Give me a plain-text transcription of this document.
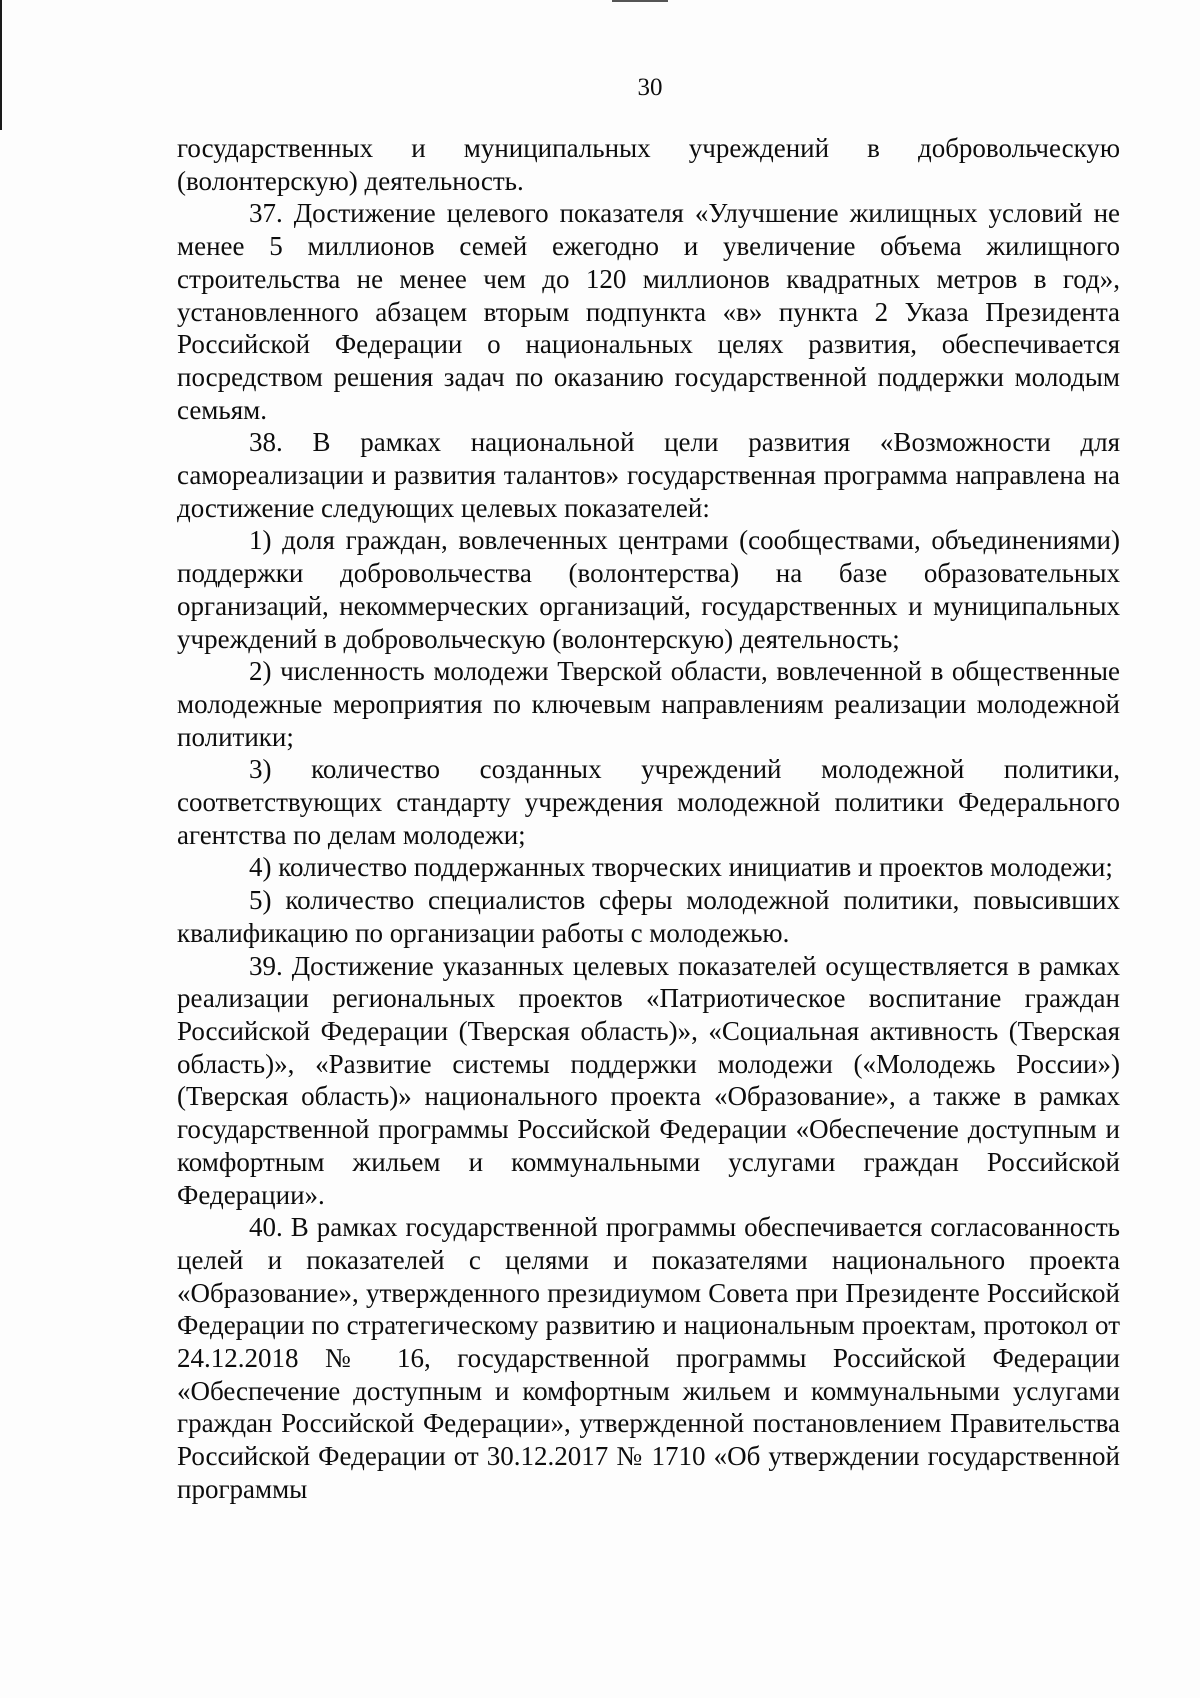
30

государственных и муниципальных учреждений в добровольческую (волонтерскую) деятельность.

37. Достижение целевого показателя «Улучшение жилищных условий не менее 5 миллионов семей ежегодно и увеличение объема жилищного строительства не менее чем до 120 миллионов квадратных метров в год», установленного абзацем вторым подпункта «в» пункта 2 Указа Президента Российской Федерации о национальных целях развития, обеспечивается посредством решения задач по оказанию государственной поддержки молодым семьям.

38. В рамках национальной цели развития «Возможности для самореализации и развития талантов» государственная программа направлена на достижение следующих целевых показателей:

1) доля граждан, вовлеченных центрами (сообществами, объединениями) поддержки добровольчества (волонтерства) на базе образовательных организаций, некоммерческих организаций, государственных и муниципальных учреждений в добровольческую (волонтерскую) деятельность;

2) численность молодежи Тверской области, вовлеченной в общественные молодежные мероприятия по ключевым направлениям реализации молодежной политики;

3) количество созданных учреждений молодежной политики, соответствующих стандарту учреждения молодежной политики Федерального агентства по делам молодежи;

4) количество поддержанных творческих инициатив и проектов молодежи;

5) количество специалистов сферы молодежной политики, повысивших квалификацию по организации работы с молодежью.

39. Достижение указанных целевых показателей осуществляется в рамках реализации региональных проектов «Патриотическое воспитание граждан Российской Федерации (Тверская область)», «Социальная активность (Тверская область)», «Развитие системы поддержки молодежи («Молодежь России») (Тверская область)» национального проекта «Образование», а также в рамках государственной программы Российской Федерации «Обеспечение доступным и комфортным жильем и коммунальными услугами граждан Российской Федерации».

40. В рамках государственной программы обеспечивается согласованность целей и показателей с целями и показателями национального проекта «Образование», утвержденного президиумом Совета при Президенте Российской Федерации по стратегическому развитию и национальным проектам, протокол от 24.12.2018 № 16, государственной программы Российской Федерации «Обеспечение доступным и комфортным жильем и коммунальными услугами граждан Российской Федерации», утвержденной постановлением Правительства Российской Федерации от 30.12.2017 № 1710 «Об утверждении государственной программы
